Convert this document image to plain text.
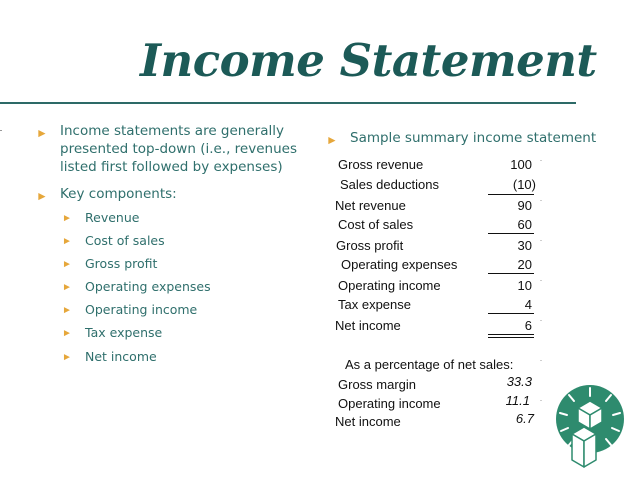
Income Statement
► Income statements are generally
presented top-down (i.e., revenues
listed first followed by expenses)
► Key components:
► Revenue
► Cost of sales
► Gross profit
► Operating expenses
► Operating income
► Tax expense
► Net income
► Sample summary income statement
Gross revenue	100
Sales deductions	(10)
Net revenue	90
Cost of sales	60
Gross profit	30
Operating expenses	20
Operating income	10
Tax expense	4
Net income	6
As a percentage of net sales:
Gross margin	33.3
Operating income	11.1
Net income	6.7
